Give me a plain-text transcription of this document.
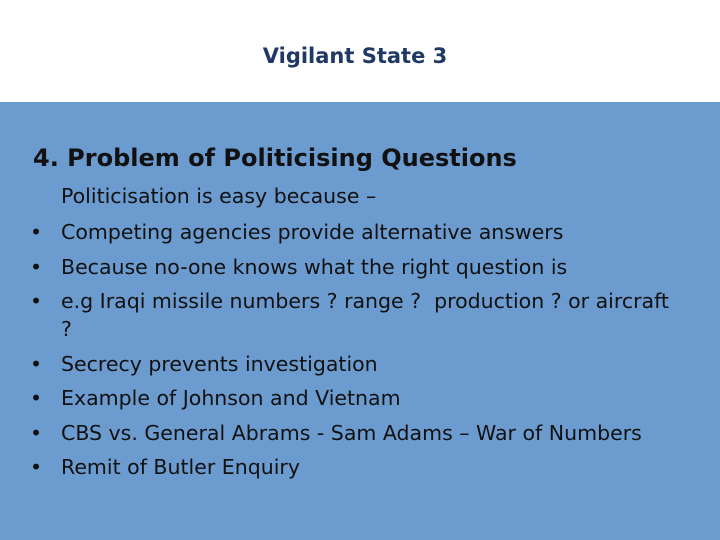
Vigilant State 3
4. Problem of Politicising Questions
Politicisation is easy because –
• Competing agencies provide alternative answers
• Because no-one knows what the right question is
• e.g Iraqi missile numbers ? range ?  production ? or aircraft ?
• Secrecy prevents investigation
• Example of Johnson and Vietnam
• CBS vs. General Abrams - Sam Adams – War of Numbers
• Remit of Butler Enquiry
